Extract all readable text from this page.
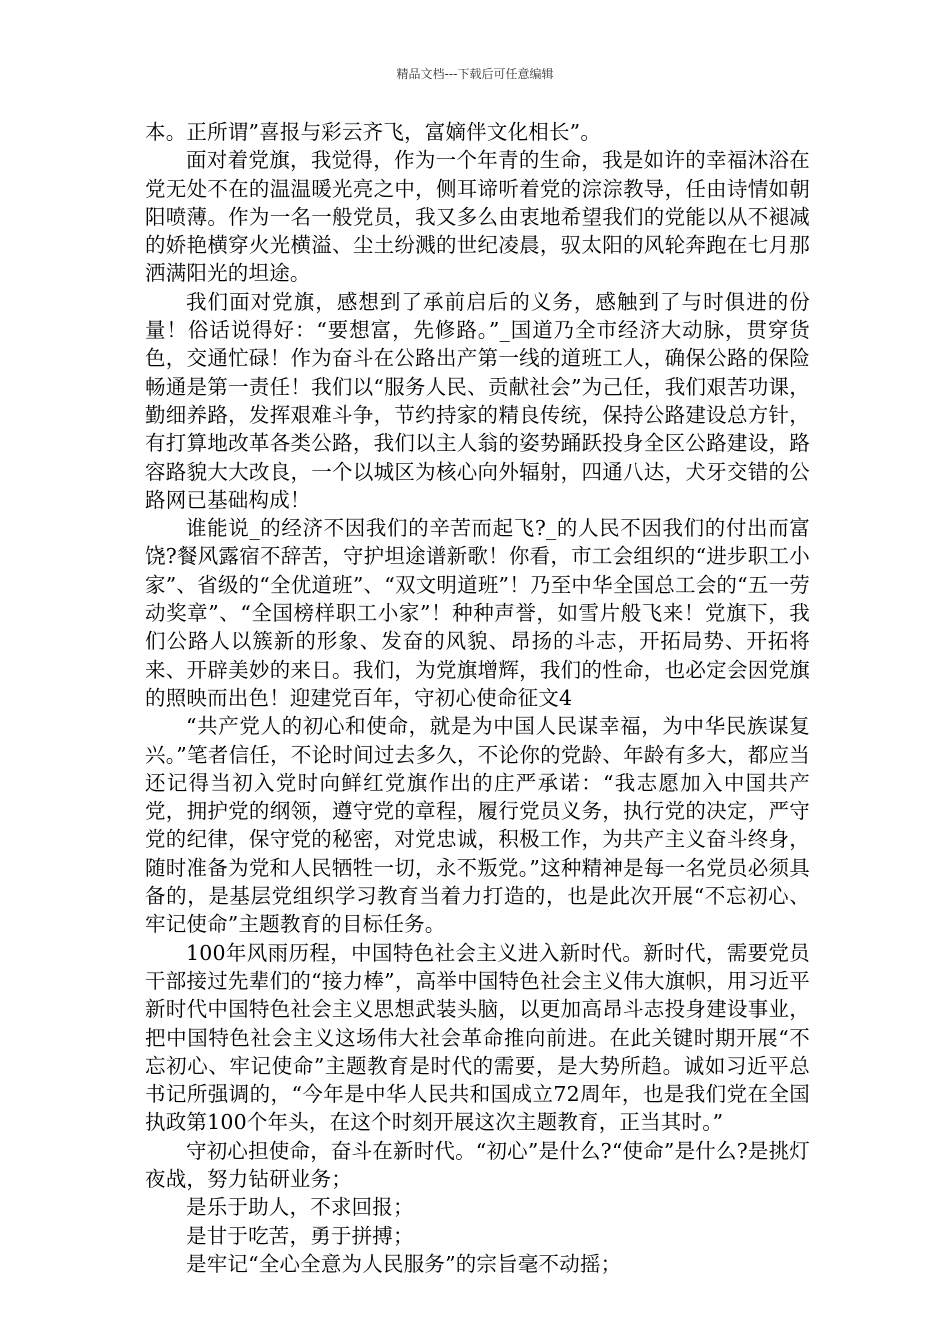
精品文档---下载后可任意编辑

本。正所谓”喜报与彩云齐飞，富嫡伴文化相长”。

面对着党旗，我觉得，作为一个年青的生命，我是如许的幸福沐浴在党无处不在的温温暖光亮之中，侧耳谛听着党的淙淙教导，任由诗情如朝阳喷薄。作为一名一般党员，我又多么由衷地希望我们的党能以从不褪减的娇艳横穿火光横溢、尘土纷溅的世纪凌晨，驭太阳的风轮奔跑在七月那洒满阳光的坦途。

我们面对党旗，感想到了承前启后的义务，感触到了与时俱进的份量！俗话说得好：“要想富，先修路。”_国道乃全市经济大动脉，贯穿货色，交通忙碌！作为奋斗在公路出产第一线的道班工人，确保公路的保险畅通是第一责任！我们以“服务人民、贡献社会”为己任，我们艰苦功课，勤细养路，发挥艰难斗争，节约持家的精良传统，保持公路建设总方针，有打算地改革各类公路，我们以主人翁的姿势踊跃投身全区公路建设，路容路貌大大改良，一个以城区为核心向外辐射，四通八达，犬牙交错的公路网已基础构成！

谁能说_的经济不因我们的辛苦而起飞?_的人民不因我们的付出而富饶?餐风露宿不辞苦，守护坦途谱新歌！你看，市工会组织的“进步职工小家”、省级的“全优道班”、“双文明道班”！乃至中华全国总工会的“五一劳动奖章”、“全国榜样职工小家”！种种声誉，如雪片般飞来！党旗下，我们公路人以簇新的形象、发奋的风貌、昂扬的斗志，开拓局势、开拓将来、开辟美妙的来日。我们，为党旗增辉，我们的性命，也必定会因党旗的照映而出色！迎建党百年，守初心使命征文4

“共产党人的初心和使命，就是为中国人民谋幸福，为中华民族谋复兴。”笔者信任，不论时间过去多久，不论你的党龄、年龄有多大，都应当还记得当初入党时向鲜红党旗作出的庄严承诺：“我志愿加入中国共产党，拥护党的纲领，遵守党的章程，履行党员义务，执行党的决定，严守党的纪律，保守党的秘密，对党忠诚，积极工作，为共产主义奋斗终身，随时准备为党和人民牺牲一切，永不叛党。”这种精神是每一名党员必须具备的，是基层党组织学习教育当着力打造的，也是此次开展“不忘初心、牢记使命”主题教育的目标任务。

100年风雨历程，中国特色社会主义进入新时代。新时代，需要党员干部接过先辈们的“接力棒”，高举中国特色社会主义伟大旗帜，用习近平新时代中国特色社会主义思想武装头脑，以更加高昂斗志投身建设事业，把中国特色社会主义这场伟大社会革命推向前进。在此关键时期开展“不忘初心、牢记使命”主题教育是时代的需要，是大势所趋。诚如习近平总书记所强调的，“今年是中华人民共和国成立72周年，也是我们党在全国执政第100个年头，在这个时刻开展这次主题教育，正当其时。”

守初心担使命，奋斗在新时代。“初心”是什么?“使命”是什么?是挑灯夜战，努力钻研业务；

是乐于助人，不求回报；

是甘于吃苦，勇于拼搏；

是牢记“全心全意为人民服务”的宗旨毫不动摇；
